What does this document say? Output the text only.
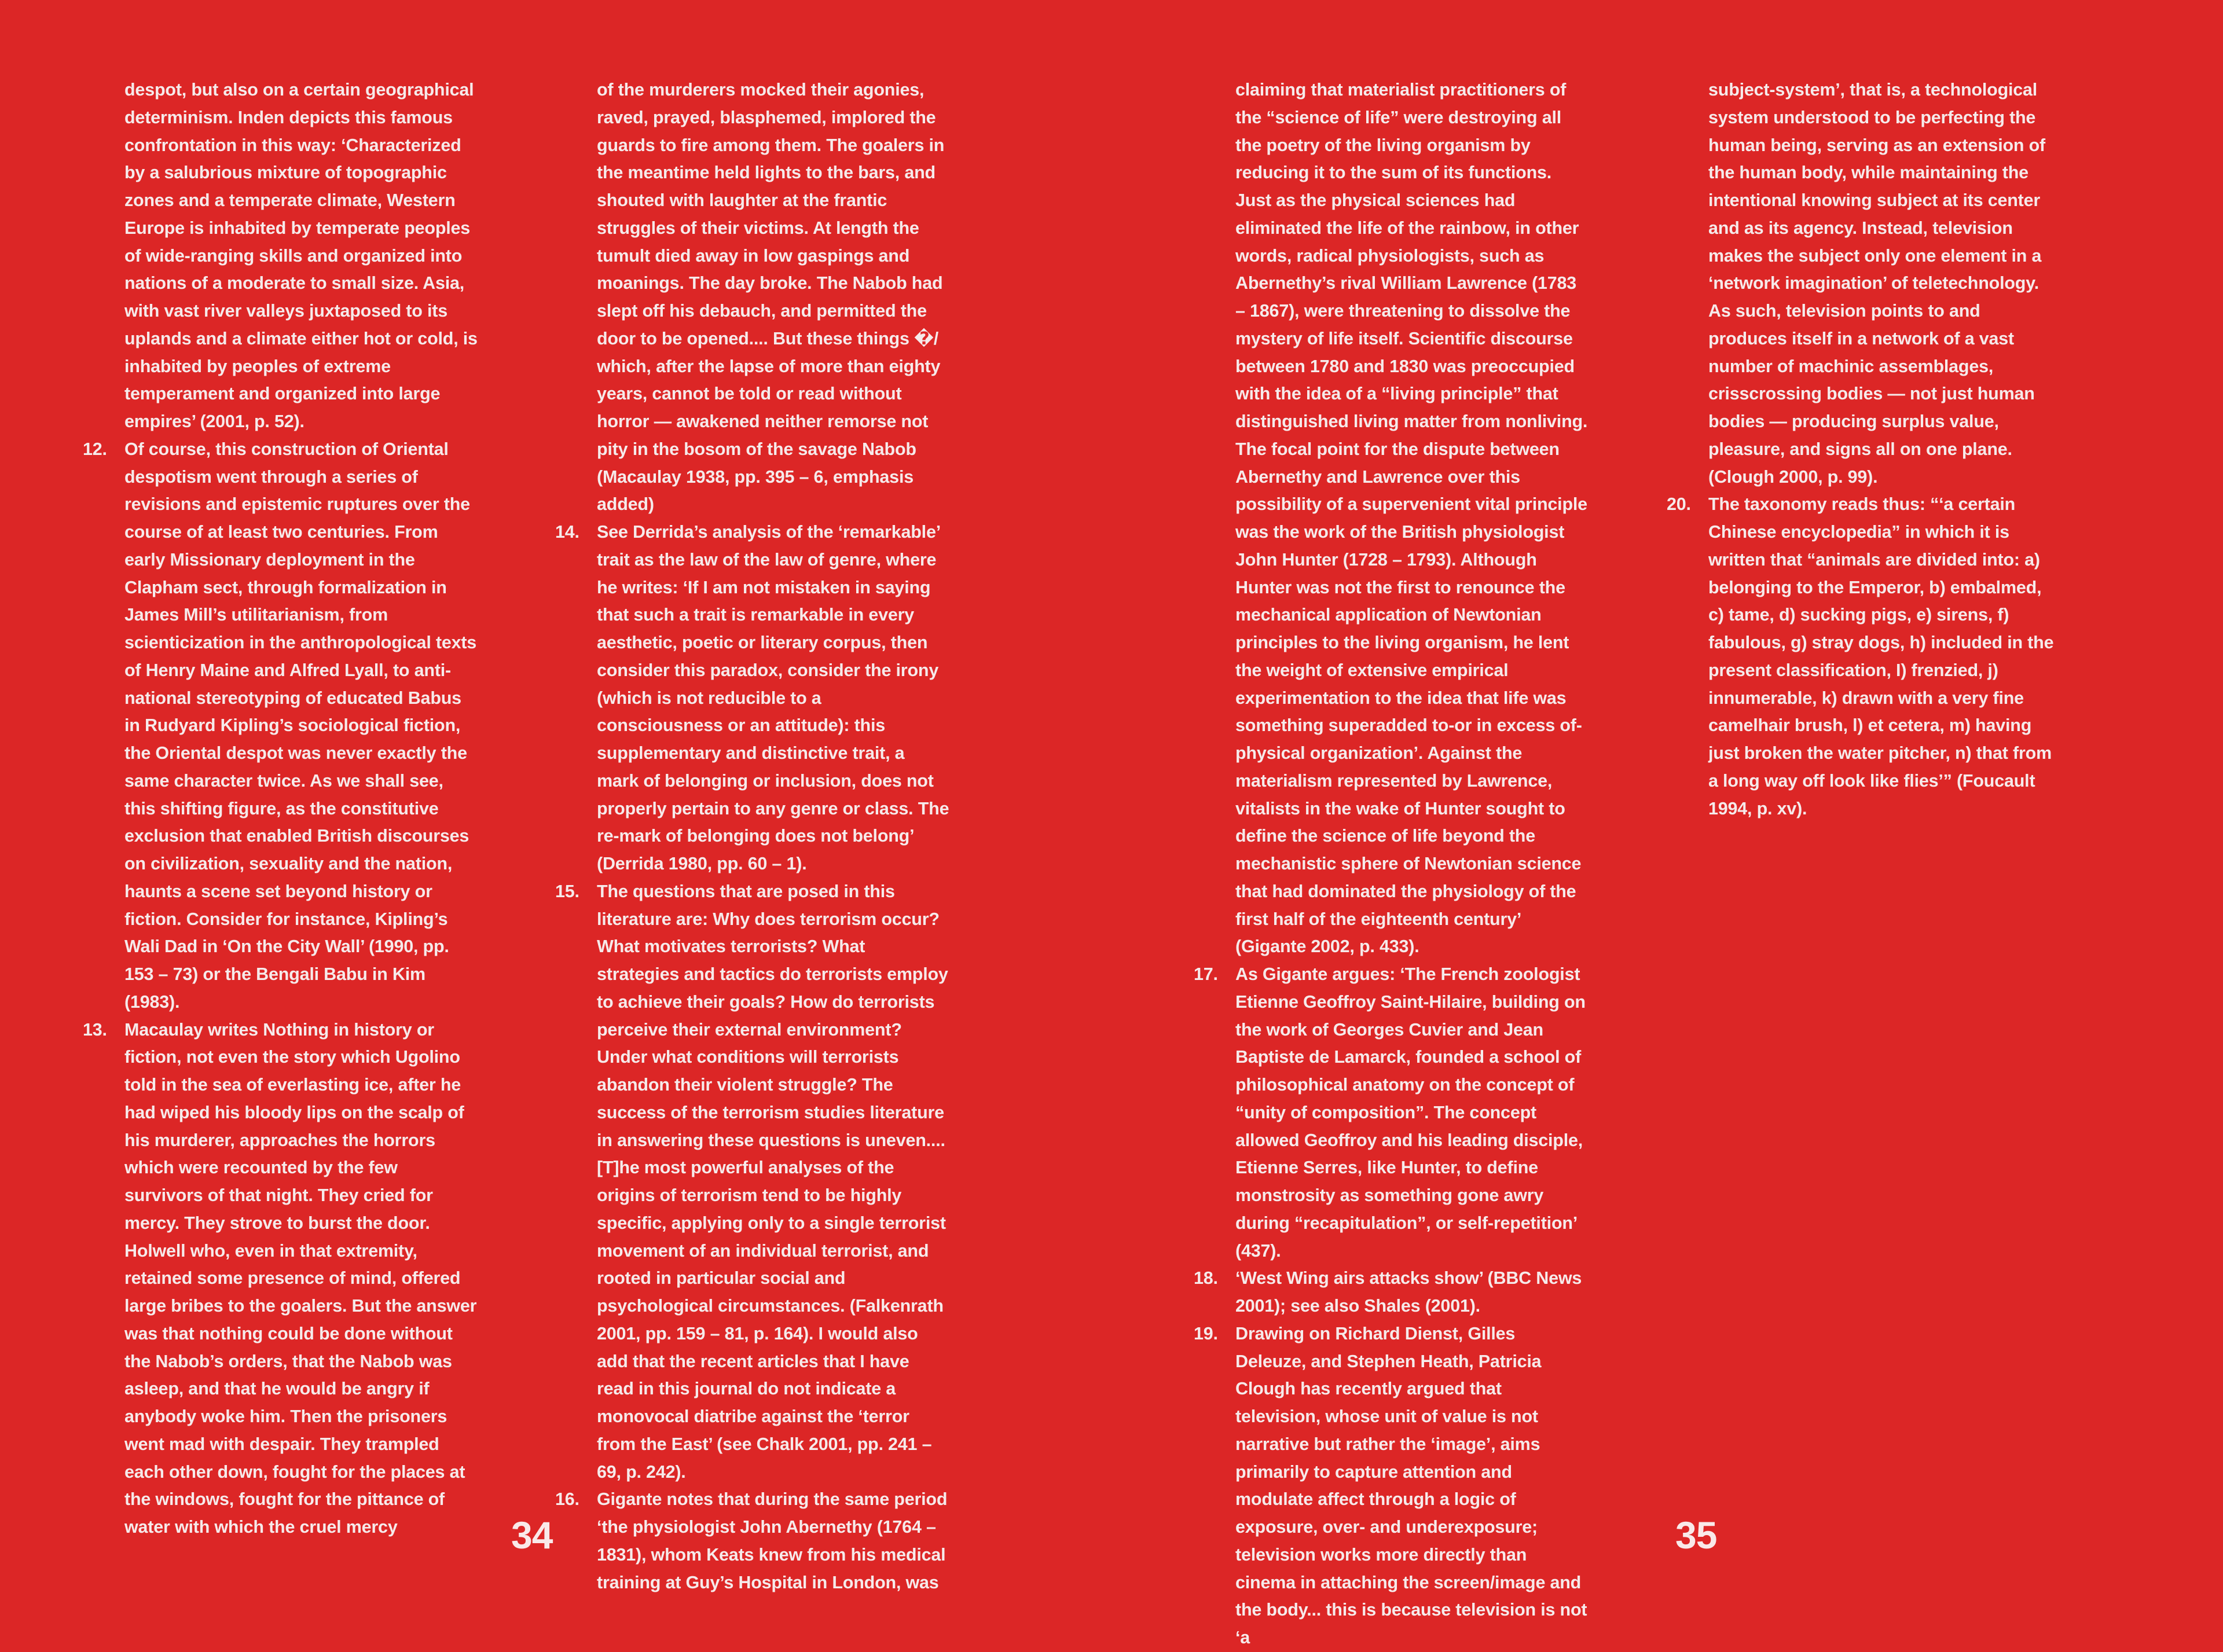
despot, but also on a certain geographical determinism. Inden depicts this famous confrontation in this way: ‘Characterized by a salubrious mixture of topographic zones and a temperate climate, Western Europe is inhabited by temperate peoples of wide-ranging skills and organized into nations of a moderate to small size. Asia, with vast river valleys juxtaposed to its uplands and a climate either hot or cold, is inhabited by peoples of extreme temperament and organized into large empires’ (2001, p. 52).
12. Of course, this construction of Oriental despotism went through a series of revisions and epistemic ruptures over the course of at least two centuries. From early Missionary deployment in the Clapham sect, through formalization in James Mill’s utilitarianism, from scienticization in the anthropological texts of Henry Maine and Alfred Lyall, to anti-national stereotyping of educated Babus in Rudyard Kipling’s sociological fiction, the Oriental despot was never exactly the same character twice. As we shall see, this shifting figure, as the constitutive exclusion that enabled British discourses on civilization, sexuality and the nation, haunts a scene set beyond history or fiction. Consider for instance, Kipling’s Wali Dad in ‘On the City Wall’ (1990, pp. 153 – 73) or the Bengali Babu in Kim (1983).
13. Macaulay writes Nothing in history or fiction, not even the story which Ugolino told in the sea of everlasting ice, after he had wiped his bloody lips on the scalp of his murderer, approaches the horrors which were recounted by the few survivors of that night. They cried for mercy. They strove to burst the door. Holwell who, even in that extremity, retained some presence of mind, offered large bribes to the goalers. But the answer was that nothing could be done without the Nabob’s orders, that the Nabob was asleep, and that he would be angry if anybody woke him. Then the prisoners went mad with despair. They trampled each other down, fought for the places at the windows, fought for the pittance of water with which the cruel mercy
of the murderers mocked their agonies, raved, prayed, blasphemed, implored the guards to fire among them. The goalers in the meantime held lights to the bars, and shouted with laughter at the frantic struggles of their victims. At length the tumult died away in low gaspings and moanings. The day broke. The Nabob had slept off his debauch, and permitted the door to be opened.... But these things �/ which, after the lapse of more than eighty years, cannot be told or read without horror — awakened neither remorse not pity in the bosom of the savage Nabob (Macaulay 1938, pp. 395 – 6, emphasis added)
14. See Derrida’s analysis of the ‘remarkable’ trait as the law of the law of genre, where he writes: ‘If I am not mistaken in saying that such a trait is remarkable in every aesthetic, poetic or literary corpus, then consider this paradox, consider the irony (which is not reducible to a consciousness or an attitude): this supplementary and distinctive trait, a mark of belonging or inclusion, does not properly pertain to any genre or class. The re-mark of belonging does not belong’ (Derrida 1980, pp. 60 – 1).
15. The questions that are posed in this literature are: Why does terrorism occur? What motivates terrorists? What strategies and tactics do terrorists employ to achieve their goals? How do terrorists perceive their external environment? Under what conditions will terrorists abandon their violent struggle? The success of the terrorism studies literature in answering these questions is uneven.... [T]he most powerful analyses of the origins of terrorism tend to be highly specific, applying only to a single terrorist movement of an individual terrorist, and rooted in particular social and psychological circumstances. (Falkenrath 2001, pp. 159 – 81, p. 164). I would also add that the recent articles that I have read in this journal do not indicate a monovocal diatribe against the ‘terror from the East’ (see Chalk 2001, pp. 241 – 69, p. 242).
16. Gigante notes that during the same period ‘the physiologist John Abernethy (1764 – 1831), whom Keats knew from his medical training at Guy’s Hospital in London, was
34
claiming that materialist practitioners of the “science of life” were destroying all the poetry of the living organism by reducing it to the sum of its functions. Just as the physical sciences had eliminated the life of the rainbow, in other words, radical physiologists, such as Abernethy’s rival William Lawrence (1783 – 1867), were threatening to dissolve the mystery of life itself. Scientific discourse between 1780 and 1830 was preoccupied with the idea of a “living principle” that distinguished living matter from nonliving. The focal point for the dispute between Abernethy and Lawrence over this possibility of a supervenient vital principle was the work of the British physiologist John Hunter (1728 – 1793). Although Hunter was not the first to renounce the mechanical application of Newtonian principles to the living organism, he lent the weight of extensive empirical experimentation to the idea that life was something superadded to-or in excess of-physical organization’. Against the materialism represented by Lawrence, vitalists in the wake of Hunter sought to define the science of life beyond the mechanistic sphere of Newtonian science that had dominated the physiology of the first half of the eighteenth century’ (Gigante 2002, p. 433).
17. As Gigante argues: ‘The French zoologist Etienne Geoffroy Saint-Hilaire, building on the work of Georges Cuvier and Jean Baptiste de Lamarck, founded a school of philosophical anatomy on the concept of “unity of composition”. The concept allowed Geoffroy and his leading disciple, Etienne Serres, like Hunter, to define monstrosity as something gone awry during “recapitulation”, or self-repetition’ (437).
18. ‘West Wing airs attacks show’ (BBC News 2001); see also Shales (2001).
19. Drawing on Richard Dienst, Gilles Deleuze, and Stephen Heath, Patricia Clough has recently argued that television, whose unit of value is not narrative but rather the ‘image’, aims primarily to capture attention and modulate affect through a logic of exposure, over- and underexposure; television works more directly than cinema in attaching the screen/image and the body... this is because television is not ‘a
subject-system’, that is, a technological system understood to be perfecting the human being, serving as an extension of the human body, while maintaining the intentional knowing subject at its center and as its agency. Instead, television makes the subject only one element in a ‘network imagination’ of teletechnology. As such, television points to and produces itself in a network of a vast number of machinic assemblages, crisscrossing bodies — not just human bodies — producing surplus value, pleasure, and signs all on one plane. (Clough 2000, p. 99).
20. The taxonomy reads thus: “‘a certain Chinese encyclopedia” in which it is written that “animals are divided into: a) belonging to the Emperor, b) embalmed, c) tame, d) sucking pigs, e) sirens, f) fabulous, g) stray dogs, h) included in the present classification, I) frenzied, j) innumerable, k) drawn with a very fine camelhair brush, l) et cetera, m) having just broken the water pitcher, n) that from a long way off look like flies’” (Foucault 1994, p. xv).
35
